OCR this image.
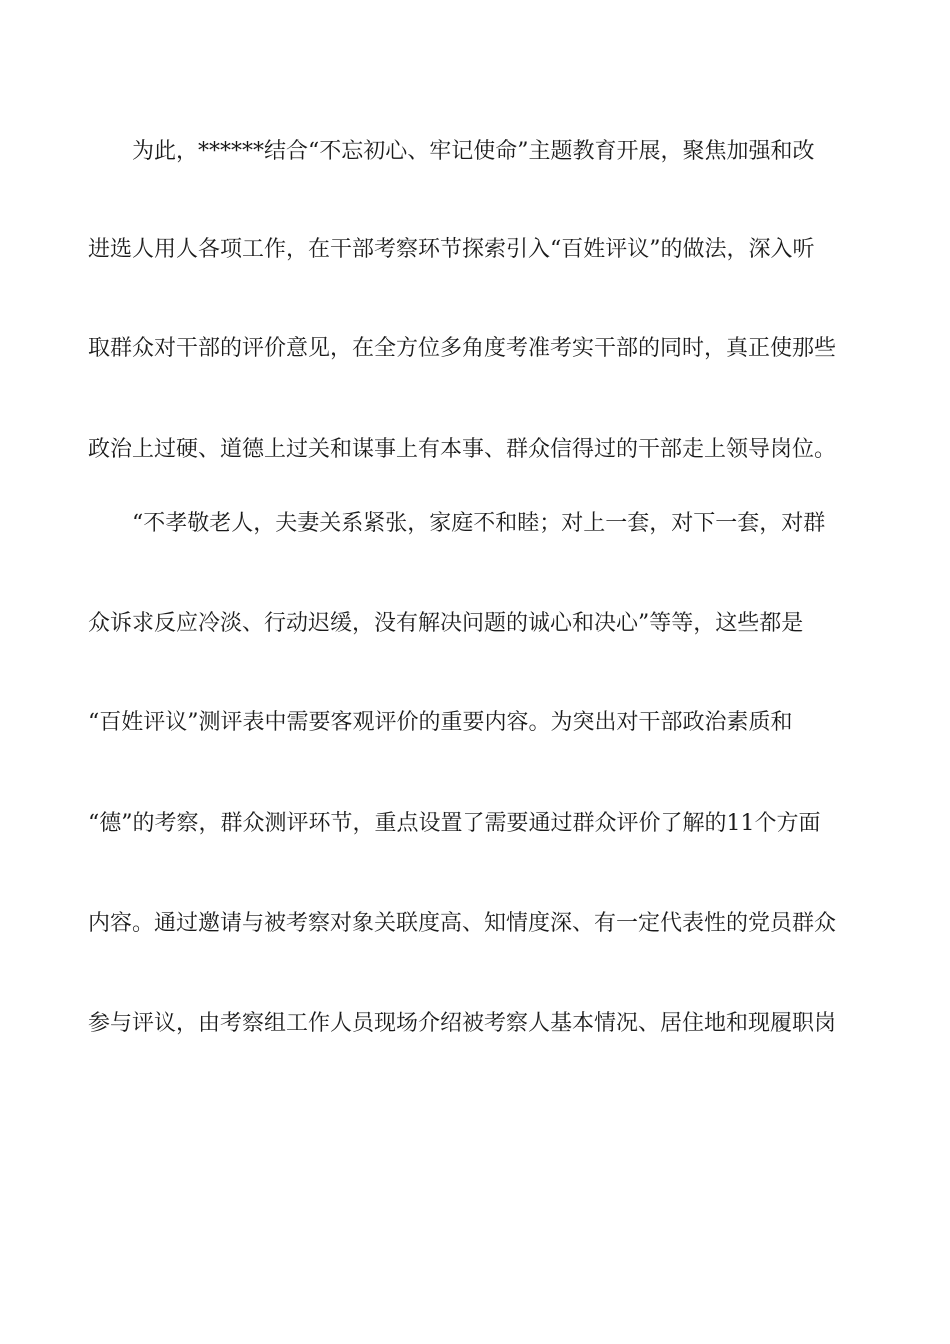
为此，******结合“不忘初心、牢记使命”主题教育开展，聚焦加强和改
进选人用人各项工作，在干部考察环节探索引入“百姓评议”的做法，深入听
取群众对干部的评价意见，在全方位多角度考准考实干部的同时，真正使那些
政治上过硬、道德上过关和谋事上有本事、群众信得过的干部走上领导岗位。
“不孝敬老人，夫妻关系紧张，家庭不和睦；对上一套，对下一套，对群
众诉求反应冷淡、行动迟缓，没有解决问题的诚心和决心”等等，这些都是
“百姓评议”测评表中需要客观评价的重要内容。为突出对干部政治素质和
“德”的考察，群众测评环节，重点设置了需要通过群众评价了解的11个方面
内容。通过邀请与被考察对象关联度高、知情度深、有一定代表性的党员群众
参与评议，由考察组工作人员现场介绍被考察人基本情况、居住地和现履职岗
